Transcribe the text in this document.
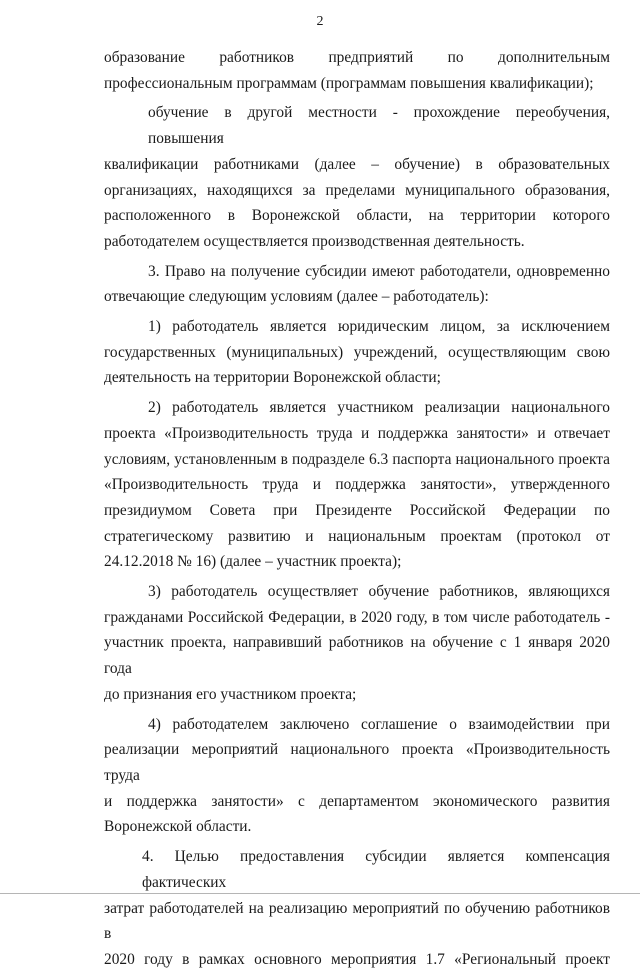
2

образование работников предприятий по дополнительным
профессиональным программам (программам повышения квалификации);

обучение в другой местности - прохождение переобучения, повышения
квалификации работниками (далее – обучение) в образовательных
организациях, находящихся за пределами муниципального образования,
расположенного в Воронежской области, на территории которого
работодателем осуществляется производственная деятельность.

3. Право на получение субсидии имеют работодатели, одновременно
отвечающие следующим условиям (далее – работодатель):

1) работодатель является юридическим лицом, за исключением
государственных (муниципальных) учреждений, осуществляющим свою
деятельность на территории Воронежской области;

2) работодатель является участником реализации национального
проекта «Производительность труда и поддержка занятости» и отвечает
условиям, установленным в подразделе 6.3 паспорта национального проекта
«Производительность труда и поддержка занятости», утвержденного
президиумом Совета при Президенте Российской Федерации по
стратегическому развитию и национальным проектам (протокол от
24.12.2018 № 16) (далее – участник проекта);

3) работодатель осуществляет обучение работников, являющихся
гражданами Российской Федерации, в 2020 году, в том числе работодатель -
участник проекта, направивший работников на обучение с 1 января 2020 года
до признания его участником проекта;

4) работодателем заключено соглашение о взаимодействии при
реализации мероприятий национального проекта «Производительность труда
и поддержка занятости» с департаментом экономического развития
Воронежской области.

4. Целью предоставления субсидии является компенсация фактических
затрат работодателей на реализацию мероприятий по обучению работников в
2020 году в рамках основного мероприятия 1.7 «Региональный проект
